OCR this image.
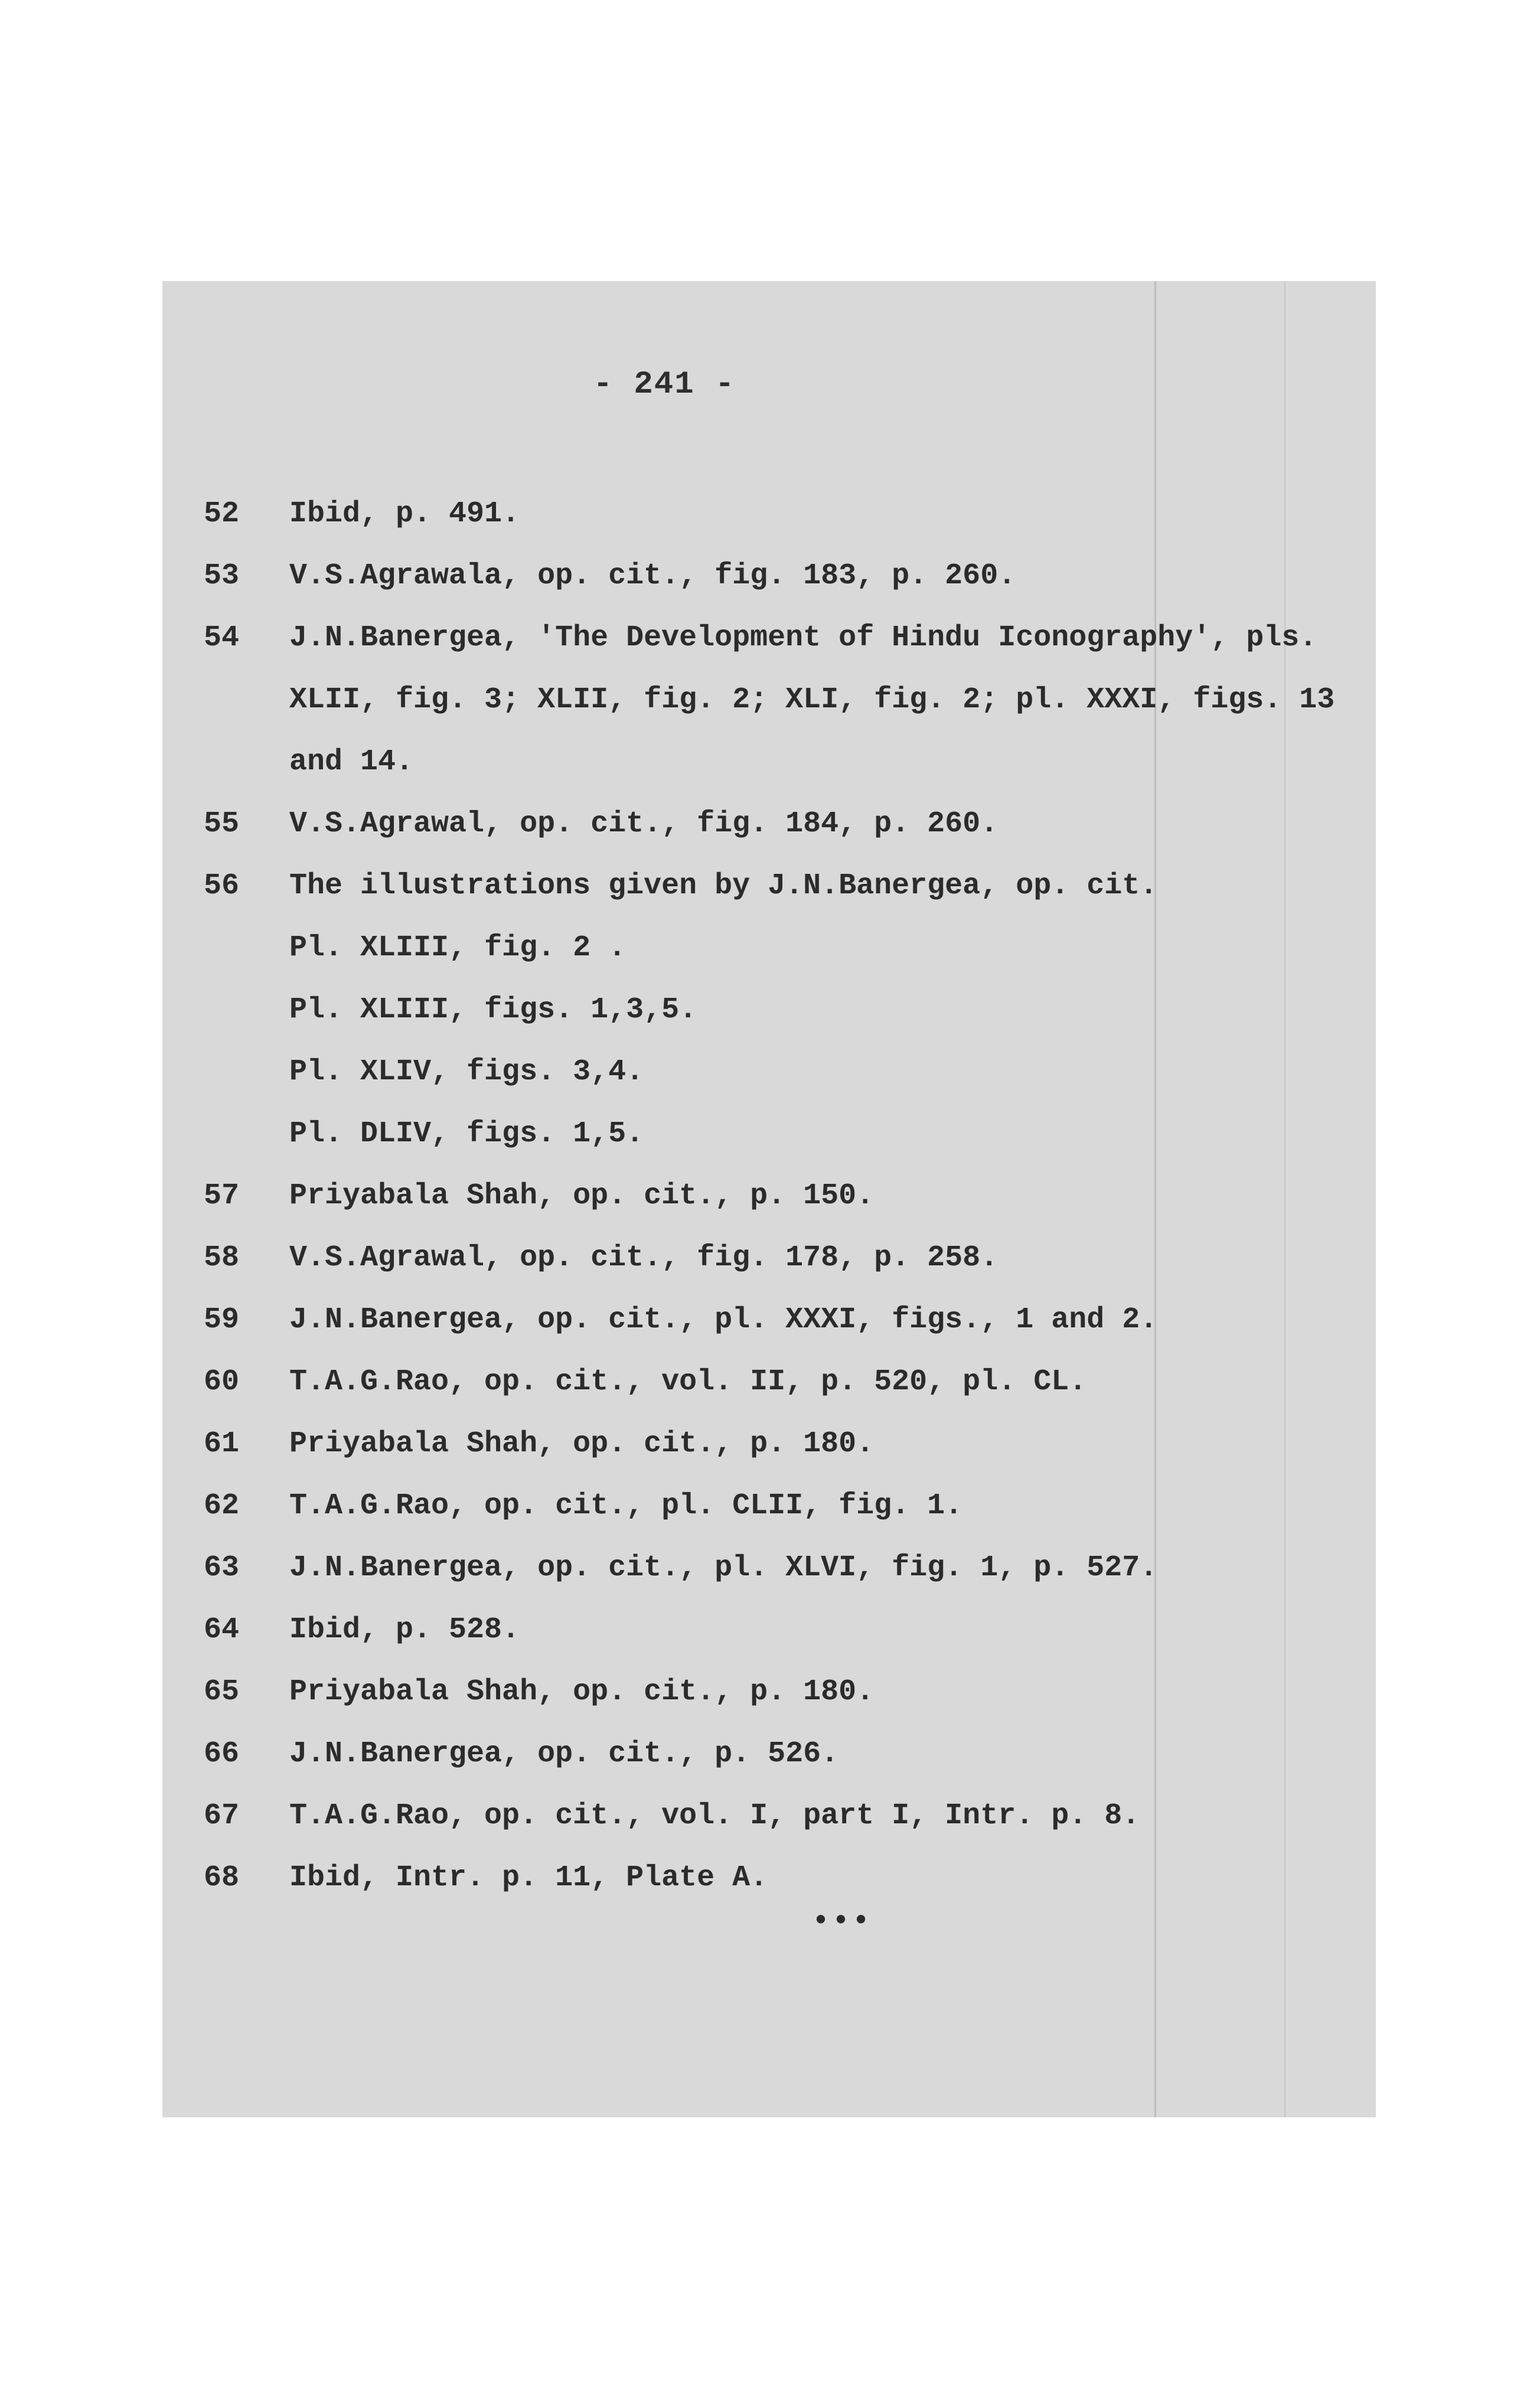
- 241 -
52	Ibid, p. 491.
53	V.S.Agrawala, op. cit., fig. 183, p. 260.
54	J.N.Banergea, 'The Development of Hindu Iconography', pls.
XLII, fig. 3; XLII, fig. 2; XLI, fig. 2; pl. XXXI, figs. 13
and 14.
55	V.S.Agrawal, op. cit., fig. 184, p. 260.
56	The illustrations given by J.N.Banergea, op. cit.
Pl. XLIII, fig. 2 .
Pl. XLIII, figs. 1,3,5.
Pl. XLIV, figs. 3,4.
Pl. DLIV, figs. 1,5.
57	Priyabala Shah, op. cit., p. 150.
58	V.S.Agrawal, op. cit., fig. 178, p. 258.
59	J.N.Banergea, op. cit., pl. XXXI, figs., 1 and 2.
60	T.A.G.Rao, op. cit., vol. II, p. 520, pl. CL.
61	Priyabala Shah, op. cit., p. 180.
62	T.A.G.Rao, op. cit., pl. CLII, fig. 1.
63	J.N.Banergea, op. cit., pl. XLVI, fig. 1, p. 527.
64	Ibid, p. 528.
65	Priyabala Shah, op. cit., p. 180.
66	J.N.Banergea, op. cit., p. 526.
67	T.A.G.Rao, op. cit., vol. I, part I, Intr. p. 8.
68	Ibid, Intr. p. 11, Plate A.
•••
